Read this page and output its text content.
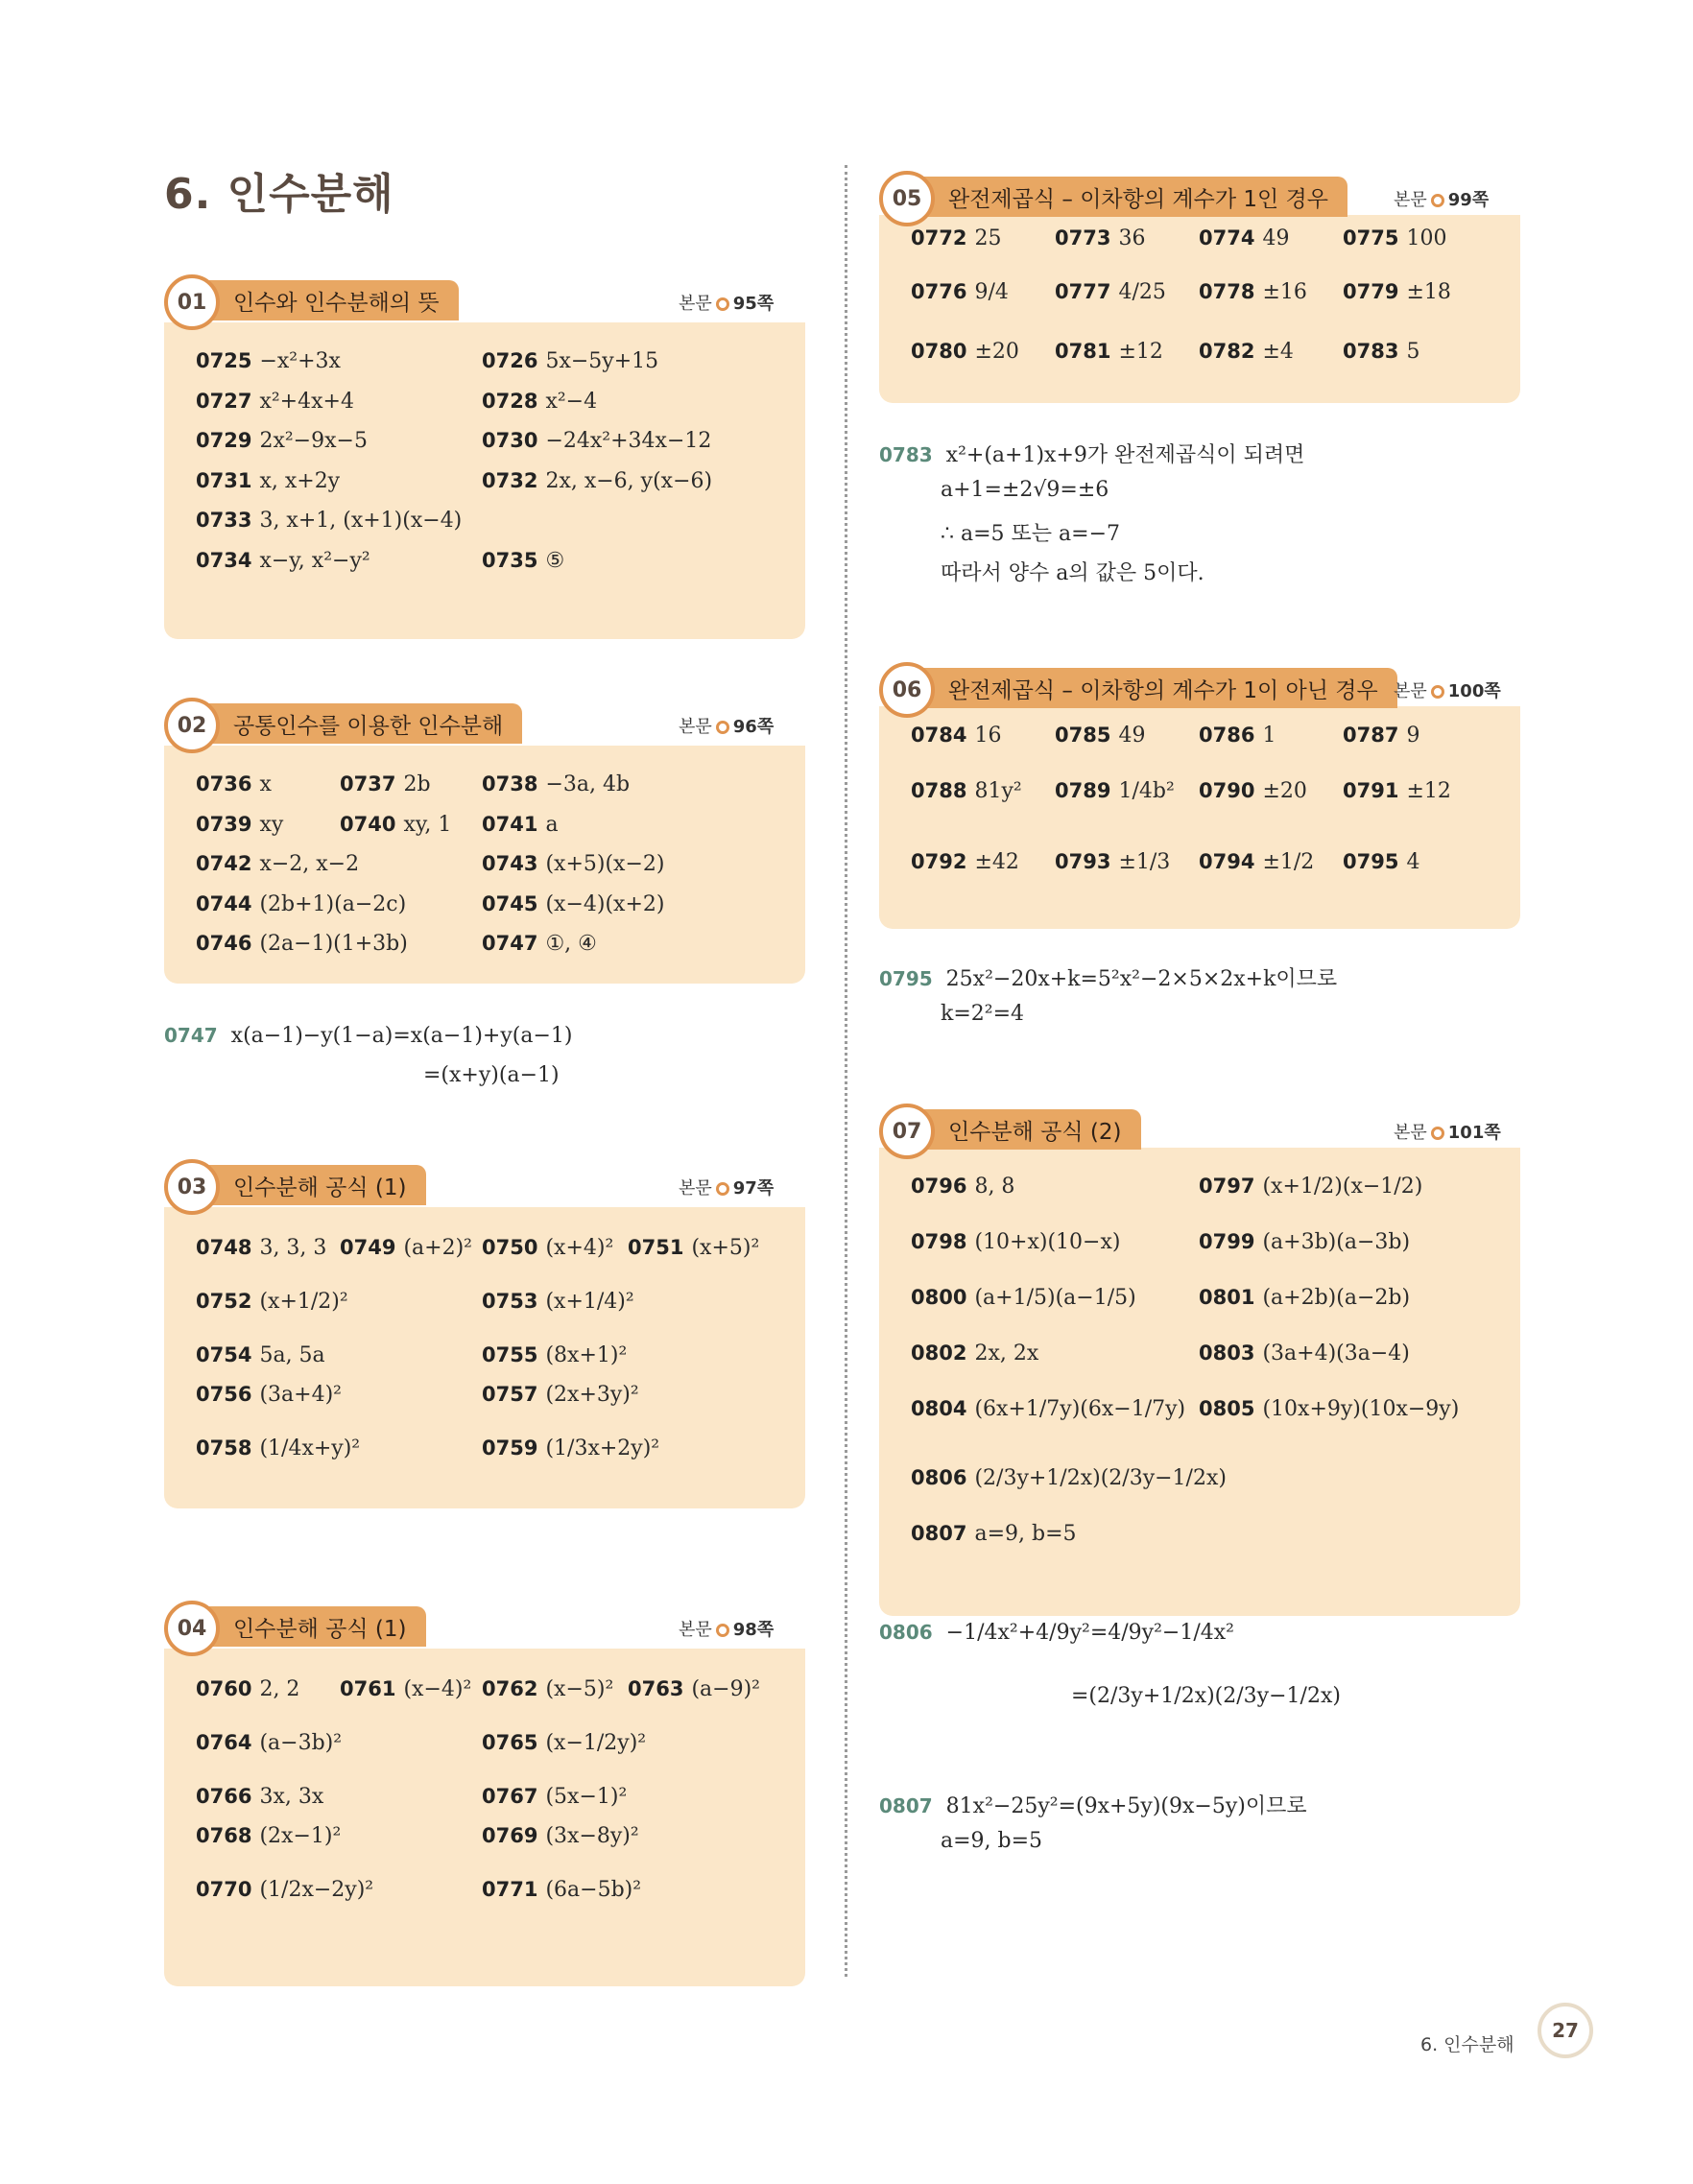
6. 인수분해
인수와 인수분해의 뜻
01	본문 95쪽
0725 −x²+3x	0726 5x−5y+15
0727 x²+4x+4	0728 x²−4
0729 2x²−9x−5	0730 −24x²+34x−12
0731 x, x+2y	0732 2x, x−6, y(x−6)
0733 3, x+1, (x+1)(x−4)
0734 x−y, x²−y²	0735 ⑤
공통인수를 이용한 인수분해
02	본문 96쪽
0736 x	0737 2b	0738 −3a, 4b
0739 xy	0740 xy, 1 0741 a
0742 x−2, x−2	0743 (x+5)(x−2)
0744 (2b+1)(a−2c)	0745 (x−4)(x+2)
0746 (2a−1)(1+3b)	0747 ①, ④
인수분해 공식 (1)
03	본문 97쪽
0748 3, 3, 3 0749 (a+2)² 0750 (x+4)² 0751 (x+5)²
0752 (x+1/2)²	0753 (x+1/4)²
0754 5a, 5a	0755 (8x+1)²
0756 (3a+4)²	0757 (2x+3y)²
0758 (1/4x+y)²	0759 (1/3x+2y)²
인수분해 공식 (1)
04	본문 98쪽
0760 2, 2 0761 (x−4)² 0762 (x−5)² 0763 (a−9)²
0764 (a−3b)²	0765 (x−1/2y)²
0766 3x, 3x	0767 (5x−1)²
0768 (2x−1)²	0769 (3x−8y)²
0770 (1/2x−2y)²	0771 (6a−5b)²
완전제곱식 – 이차항의 계수가 1인 경우
05	본문 99쪽
0772 25	0773 36	0774 49	0775 100
0776 9/4 0777 4/25 0778 ±16 0779 ±18
0780 ±20 0781 ±12 0782 ±4 0783 5
완전제곱식 – 이차항의 계수가 1이 아닌 경우
06	본문 100쪽
0784 16	0785 49	0786 1	0787 9
0788 81y² 0789 1/4b² 0790 ±20 0791 ±12
0792 ±42 0793 ±1/3 0794 ±1/2 0795 4
인수분해 공식 (2)
07	본문 101쪽
0796 8, 8	0797 (x+1/2)(x−1/2)
0798 (10+x)(10−x)	0799 (a+3b)(a−3b)
0800 (a+1/5)(a−1/5)	0801 (a+2b)(a−2b)
0802 2x, 2x	0803 (3a+4)(3a−4)
0804 (6x+1/7y)(6x−1/7y) 0805 (10x+9y)(10x−9y)
0806 (2/3y+1/2x)(2/3y−1/2x)
0807 a=9, b=5
0747 x(a−1)−y(1−a)=x(a−1)+y(a−1)
=(x+y)(a−1)
0783 x²+(a+1)x+9가 완전제곱식이 되려면
a+1=±2√9=±6
∴ a=5 또는 a=−7
따라서 양수 a의 값은 5이다.
0795 25x²−20x+k=5²x²−2×5×2x+k이므로
k=2²=4
0806 −1/4x²+4/9y²=4/9y²−1/4x²
=(2/3y+1/2x)(2/3y−1/2x)
0807 81x²−25y²=(9x+5y)(9x−5y)이므로
a=9, b=5
6. 인수분해
27
